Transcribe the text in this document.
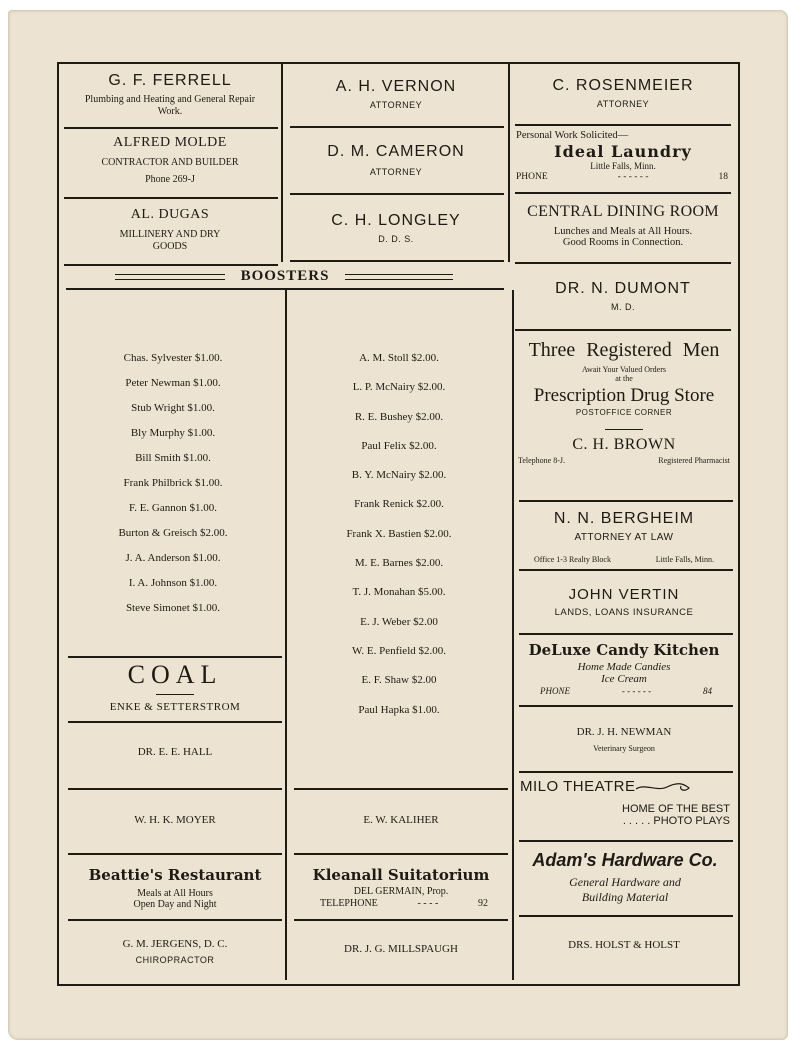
G. F. FERRELL
Plumbing and Heating and General Repair Work.
ALFRED MOLDE
CONTRACTOR AND BUILDER
Phone 269-J
AL. DUGAS
MILLINERY AND DRY GOODS
A. H. VERNON
ATTORNEY
D. M. CAMERON
ATTORNEY
C. H. LONGLEY
D. D. S.
BOOSTERS
Chas. Sylvester $1.00.
Peter Newman $1.00.
Stub Wright $1.00.
Bly Murphy $1.00.
Bill Smith $1.00.
Frank Philbrick $1.00.
F. E. Gannon $1.00.
Burton & Greisch $2.00.
J. A. Anderson $1.00.
I. A. Johnson $1.00.
Steve Simonet $1.00.
A. M. Stoll $2.00.
L. P. McNairy $2.00.
R. E. Bushey $2.00.
Paul Felix $2.00.
B. Y. McNairy $2.00.
Frank Renick $2.00.
Frank X. Bastien $2.00.
M. E. Barnes $2.00.
T. J. Monahan $5.00.
E. J. Weber $2.00
W. E. Penfield $2.00.
E. F. Shaw $2.00
Paul Hapka $1.00.
COAL
ENKE & SETTERSTROM
DR. E. E. HALL
W. H. K. MOYER
Beattie's Restaurant
Meals at All Hours
Open Day and Night
G. M. JERGENS, D. C.
CHIROPRACTOR
E. W. KALIHER
Kleanall Suitatorium
DEL GERMAIN, Prop.
TELEPHONE	- - - -	92
DR. J. G. MILLSPAUGH
C. ROSENMEIER
ATTORNEY
Personal Work Solicited—
Ideal Laundry
Little Falls, Minn.
PHONE	- - - - - -	18
CENTRAL DINING ROOM
Lunches and Meals at All Hours.
Good Rooms in Connection.
DR. N. DUMONT
M. D.
Three Registered Men
Await Your Valued Orders
at the
Prescription Drug Store
POSTOFFICE CORNER
C. H. BROWN
Telephone 8-J.	Registered Pharmacist
N. N. BERGHEIM
ATTORNEY AT LAW
Office 1-3 Realty Block	Little Falls, Minn.
JOHN VERTIN
LANDS, LOANS INSURANCE
DeLuxe Candy Kitchen
Home Made Candies
Ice Cream
PHONE	- - - - - -	84
DR. J. H. NEWMAN
Veterinary Surgeon
MILO THEATRE
HOME OF THE BEST
. . . . . PHOTO PLAYS
Adam's Hardware Co.
General Hardware and
Building Material
DRS. HOLST & HOLST
